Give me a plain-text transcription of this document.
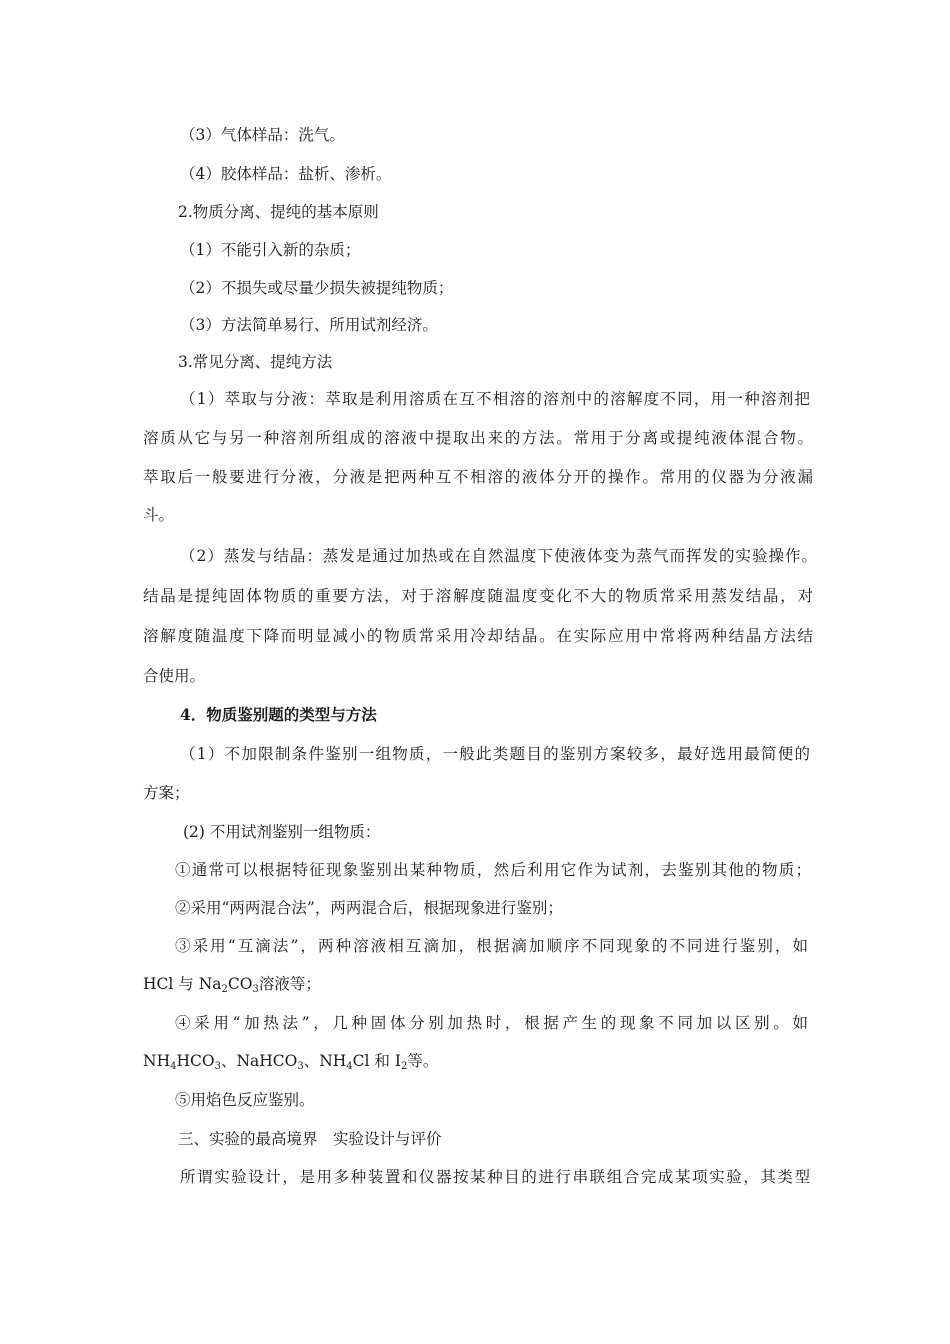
（3）气体样品：洗气。

（4）胶体样品：盐析、渗析。

2.物质分离、提纯的基本原则

（1）不能引入新的杂质；

（2）不损失或尽量少损失被提纯物质；

（3）方法简单易行、所用试剂经济。

3.常见分离、提纯方法

（1）萃取与分液：萃取是利用溶质在互不相溶的溶剂中的溶解度不同，用一种溶剂把

溶质从它与另一种溶剂所组成的溶液中提取出来的方法。常用于分离或提纯液体混合物。

萃取后一般要进行分液，分液是把两种互不相溶的液体分开的操作。常用的仪器为分液漏

斗。

（2）蒸发与结晶：蒸发是通过加热或在自然温度下使液体变为蒸气而挥发的实验操作。

结晶是提纯固体物质的重要方法，对于溶解度随温度变化不大的物质常采用蒸发结晶，对

溶解度随温度下降而明显减小的物质常采用冷却结晶。在实际应用中常将两种结晶方法结

合使用。

4．物质鉴别题的类型与方法

（1）不加限制条件鉴别一组物质，一般此类题目的鉴别方案较多，最好选用最简便的

方案；

(2) 不用试剂鉴别一组物质：

①通常可以根据特征现象鉴别出某种物质，然后利用它作为试剂，去鉴别其他的物质；

②采用“两两混合法”，两两混合后，根据现象进行鉴别；

③采用“互滴法”，两种溶液相互滴加，根据滴加顺序不同现象的不同进行鉴别，如

HCl 与 $Na_2CO_3$溶液等；

④采用“加热法”，几种固体分别加热时，根据产生的现象不同加以区别。如

$NH_4HCO_3$、NaHCO$_3$、$NH_4Cl$ 和 $I_2$等。

⑤用焰色反应鉴别。

三、实验的最高境界　实验设计与评价

所谓实验设计，是用多种装置和仪器按某种目的进行串联组合完成某项实验，其类型
